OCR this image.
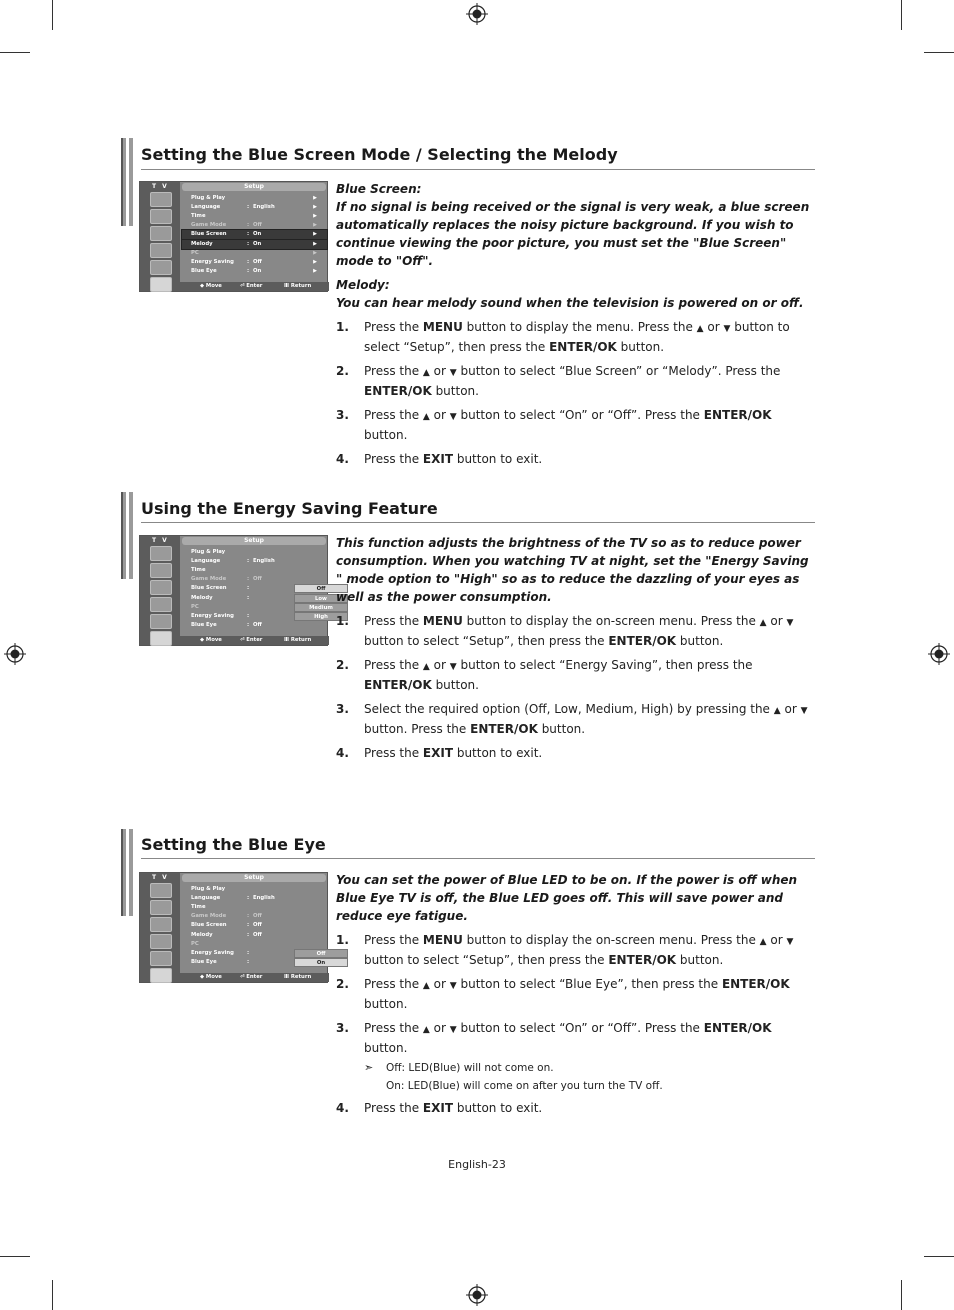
Setting the Blue Screen Mode / Selecting the Melody
T V	Setup
Plug & Play	▶
Language	: English	▶
Time	▶
Game Mode	: Off	▶
Blue Screen	: On	▶
Melody	: On	▶
PC	▶
Energy Saving : Off	▶
Blue Eye	: On	▶
◆ Move	⏎ Enter	Ⅲ Return
Blue Screen:
If no signal is being received or the signal is very weak, a blue screen automatically replaces the noisy picture background. If you wish to continue viewing the poor picture, you must set the "Blue Screen" mode to "Off".
Melody:
You can hear melody sound when the television is powered on or off.
1. Press the MENU button to display the menu. Press the ▲ or ▼ button to select “Setup”, then press the ENTER/OK button.
2. Press the ▲ or ▼ button to select “Blue Screen” or “Melody”. Press the ENTER/OK button.
3. Press the ▲ or ▼ button to select “On” or “Off”. Press the ENTER/OK button.
4. Press the EXIT button to exit.
Using the Energy Saving Feature
T V	Setup
Plug & Play
Language	: English
Time
Game Mode	: Off
Blue Screen	:
Melody	:
PC
Energy Saving :
Blue Eye	: Off
Off
Low
Medium
High
◆ Move	⏎ Enter	Ⅲ Return
This function adjusts the brightness of the TV so as to reduce power consumption. When you watching TV at night, set the "Energy Saving " mode option to "High" so as to reduce the dazzling of your eyes as well as the power consumption.
1. Press the MENU button to display the on-screen menu. Press the ▲ or ▼ button to select “Setup”, then press the ENTER/OK button.
2. Press the ▲ or ▼ button to select “Energy Saving”, then press the ENTER/OK button.
3. Select the required option (Off, Low, Medium, High) by pressing the ▲ or ▼ button. Press the ENTER/OK button.
4. Press the EXIT button to exit.
Setting the Blue Eye
T V	Setup
Plug & Play
Language	: English
Time
Game Mode	: Off
Blue Screen	: Off
Melody	: Off
PC
Energy Saving :
Blue Eye	:
Off
On
◆ Move	⏎ Enter	Ⅲ Return
You can set the power of Blue LED to be on. If the power is off when Blue Eye TV is off, the Blue LED goes off. This will save power and reduce eye fatigue.
1. Press the MENU button to display the on-screen menu. Press the ▲ or ▼ button to select “Setup”, then press the ENTER/OK button.
2. Press the ▲ or ▼ button to select “Blue Eye”, then press the ENTER/OK button.
3. Press the ▲ or ▼ button to select “On” or “Off”. Press the ENTER/OK button.
➣ Off: LED(Blue) will not come on.
On: LED(Blue) will come on after you turn the TV off.
4. Press the EXIT button to exit.
English-23
